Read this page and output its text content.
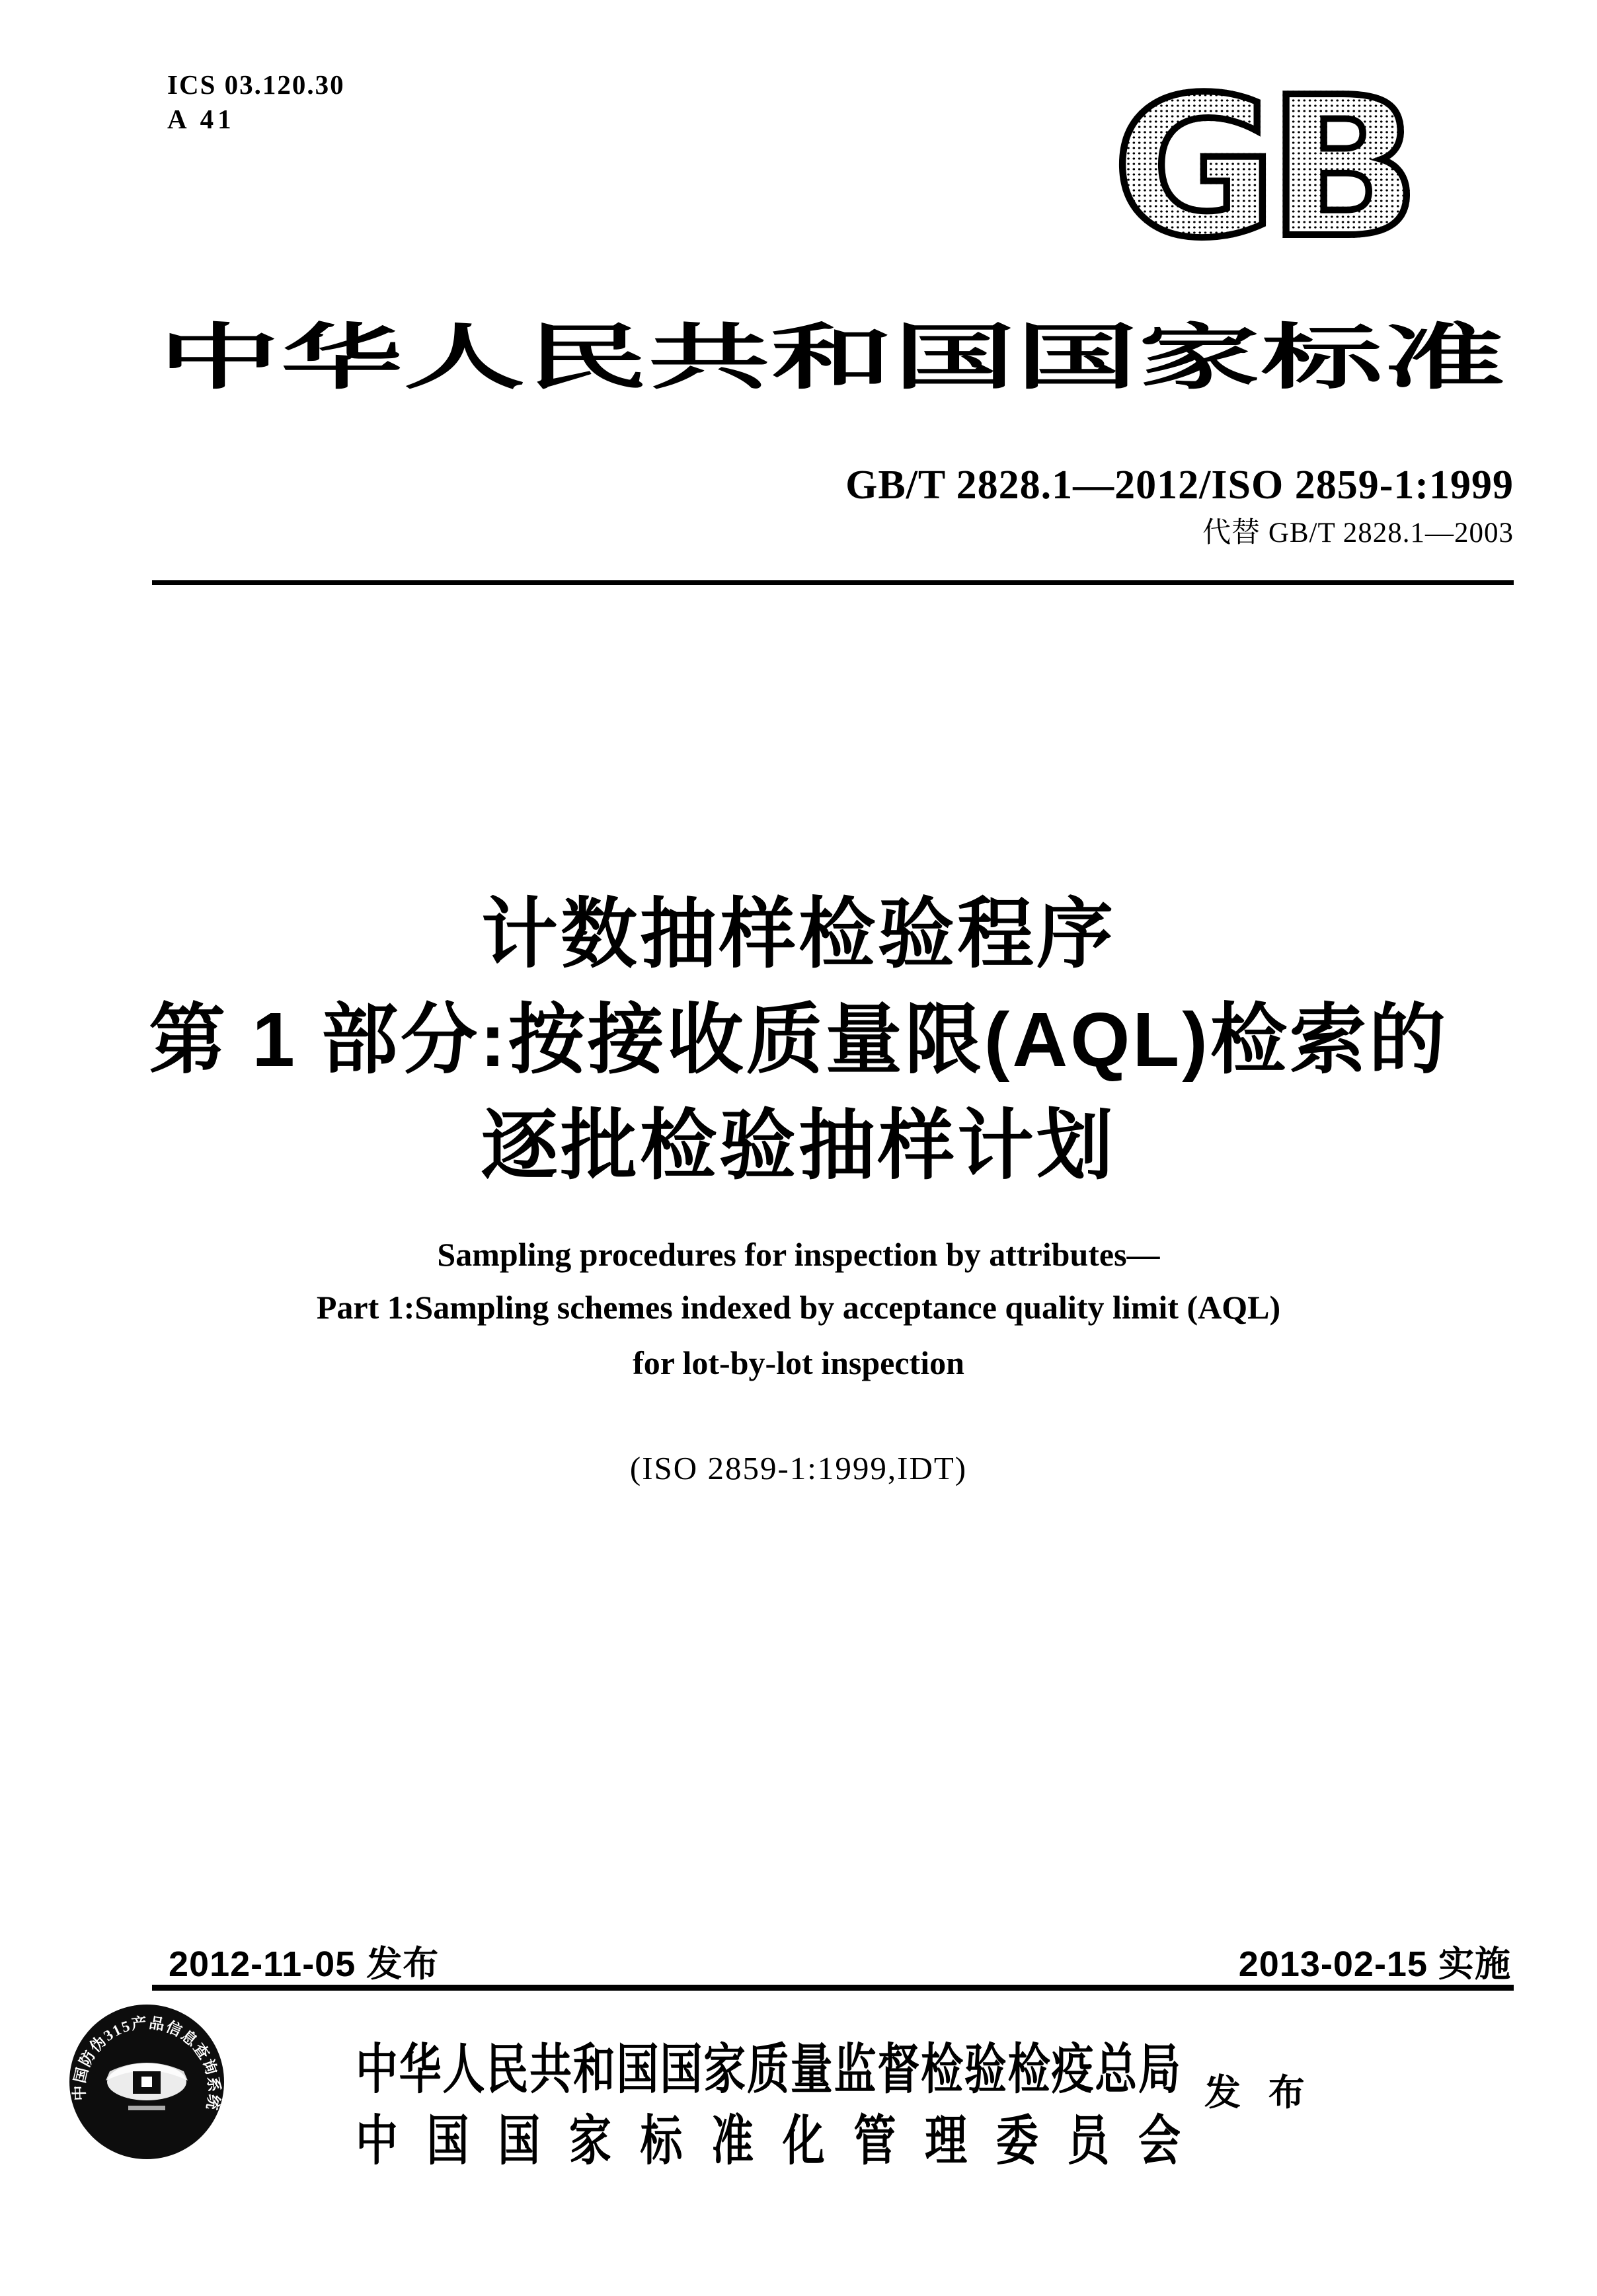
ICS 03.120.30
A 41	GB
中华人民共和国国家标准
GB/T 2828.1—2012/ISO 2859-1:1999
代替 GB/T 2828.1—2003
计数抽样检验程序
第 1 部分:按接收质量限(AQL)检索的
逐批检验抽样计划
Sampling procedures for inspection by attributes—
Part 1:Sampling schemes indexed by acceptance quality limit (AQL)
for lot-by-lot inspection
(ISO 2859-1:1999,IDT)
2012-11-05 发布	2013-02-15 实施
中国防伪315产品信息查询系统
中华人民共和国国家质量监督检验检疫总局
中国国家标准化管理委员会
发 布
